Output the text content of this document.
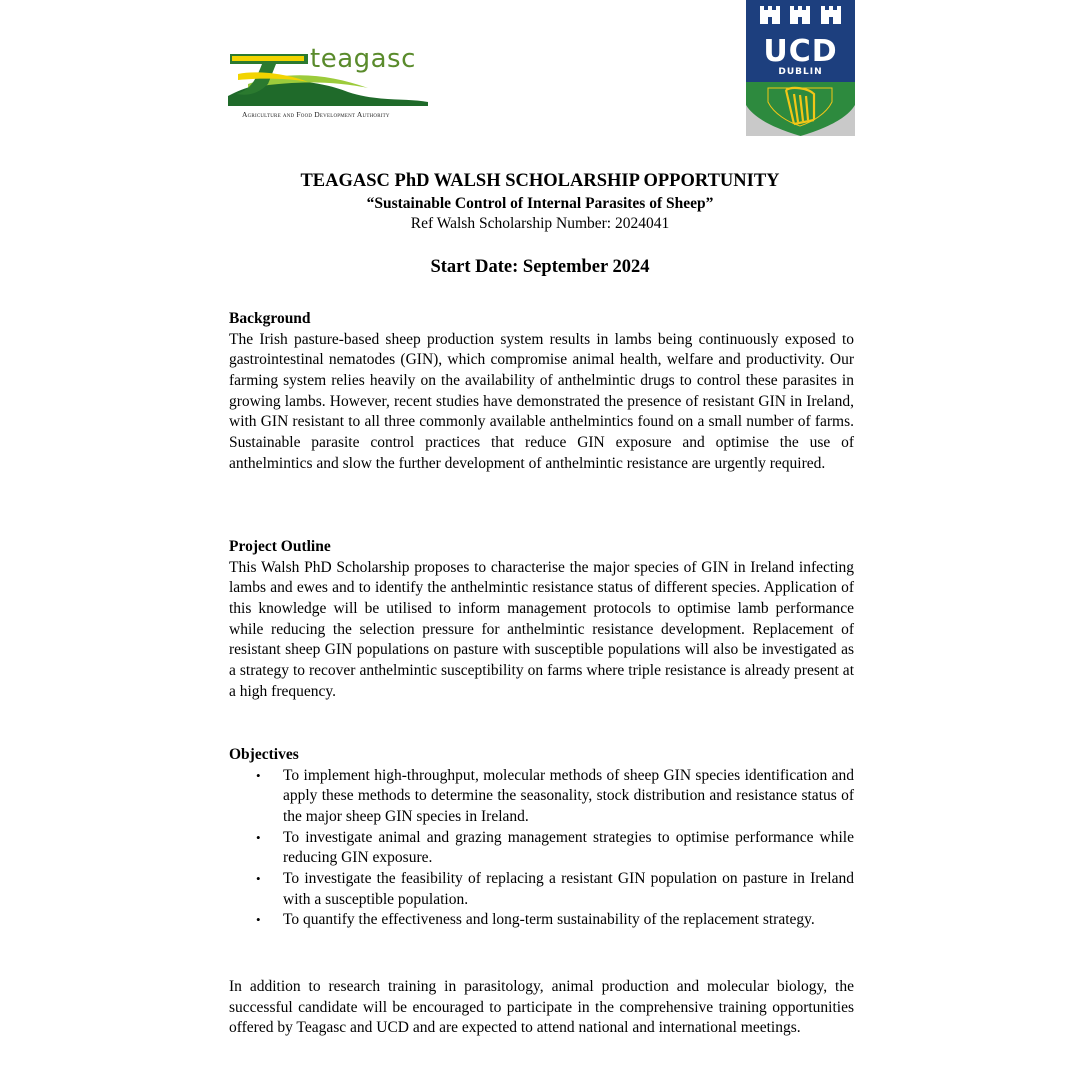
teagasc
Agriculture and Food Development Authority
UCD
DUBLIN
TEAGASC PhD WALSH SCHOLARSHIP OPPORTUNITY
“Sustainable Control of Internal Parasites of Sheep”
Ref Walsh Scholarship Number: 2024041
Start Date: September 2024
Background
The Irish pasture-based sheep production system results in lambs being continuously exposed to gastrointestinal nematodes (GIN), which compromise animal health, welfare and productivity. Our farming system relies heavily on the availability of anthelmintic drugs to control these parasites in growing lambs. However, recent studies have demonstrated the presence of resistant GIN in Ireland, with GIN resistant to all three commonly available anthelmintics found on a small number of farms. Sustainable parasite control practices that reduce GIN exposure and optimise the use of anthelmintics and slow the further development of anthelmintic resistance are urgently required.
Project Outline
This Walsh PhD Scholarship proposes to characterise the major species of GIN in Ireland infecting lambs and ewes and to identify the anthelmintic resistance status of different species. Application of this knowledge will be utilised to inform management protocols to optimise lamb performance while reducing the selection pressure for anthelmintic resistance development. Replacement of resistant sheep GIN populations on pasture with susceptible populations will also be investigated as a strategy to recover anthelmintic susceptibility on farms where triple resistance is already present at a high frequency.
Objectives
• To implement high-throughput, molecular methods of sheep GIN species identification and apply these methods to determine the seasonality, stock distribution and resistance status of the major sheep GIN species in Ireland.
• To investigate animal and grazing management strategies to optimise performance while reducing GIN exposure.
• To investigate the feasibility of replacing a resistant GIN population on pasture in Ireland with a susceptible population.
• To quantify the effectiveness and long-term sustainability of the replacement strategy.
In addition to research training in parasitology, animal production and molecular biology, the successful candidate will be encouraged to participate in the comprehensive training opportunities offered by Teagasc and UCD and are expected to attend national and international meetings.
